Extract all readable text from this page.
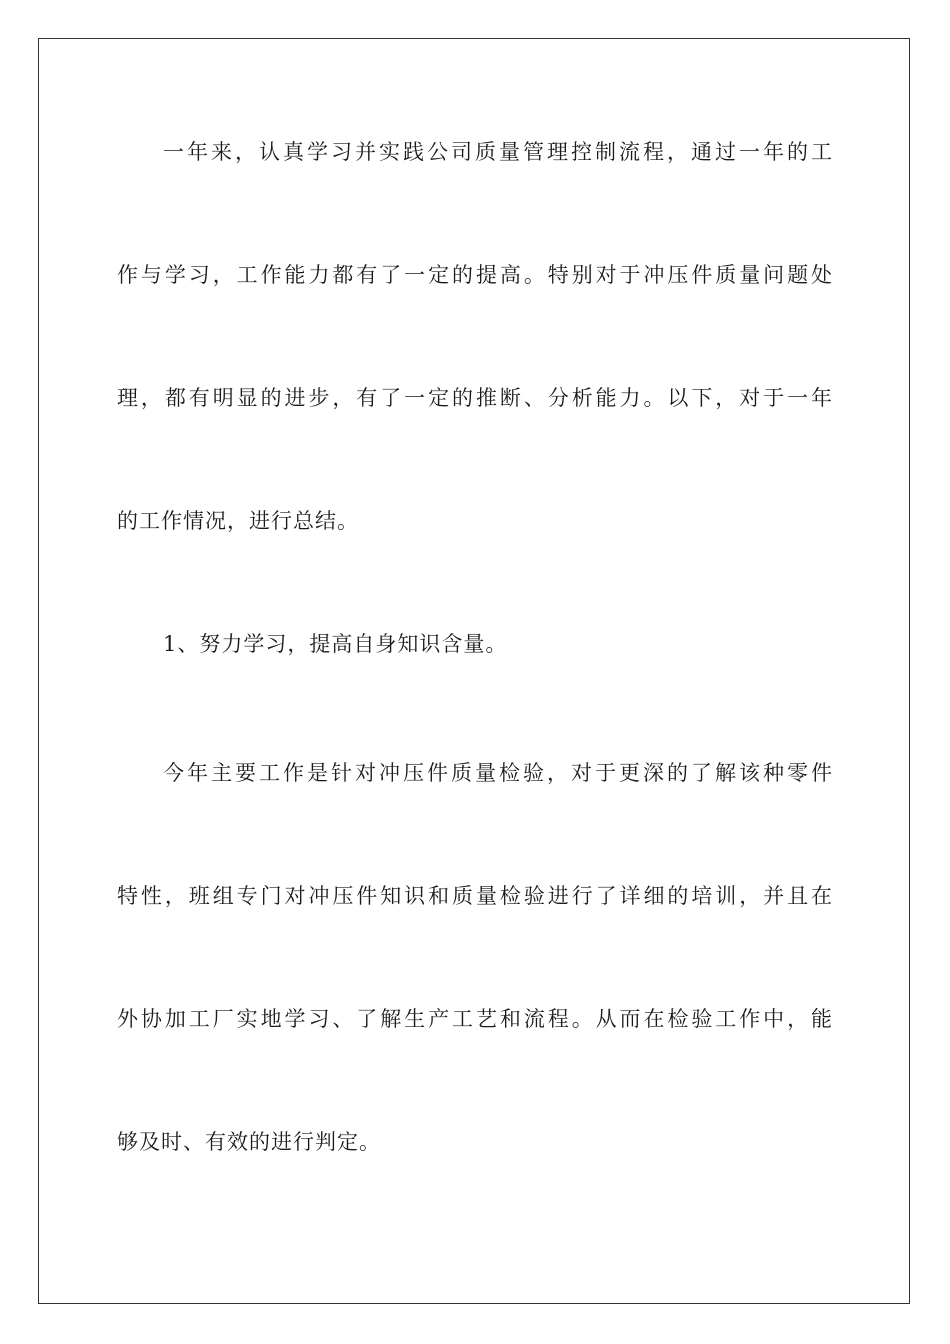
一年来，认真学习并实践公司质量管理控制流程，通过一年的工
作与学习，工作能力都有了一定的提高。特别对于冲压件质量问题处
理，都有明显的进步，有了一定的推断、分析能力。以下，对于一年
的工作情况，进行总结。
1、努力学习，提高自身知识含量。
今年主要工作是针对冲压件质量检验，对于更深的了解该种零件
特性，班组专门对冲压件知识和质量检验进行了详细的培训，并且在
外协加工厂实地学习、了解生产工艺和流程。从而在检验工作中，能
够及时、有效的进行判定。
